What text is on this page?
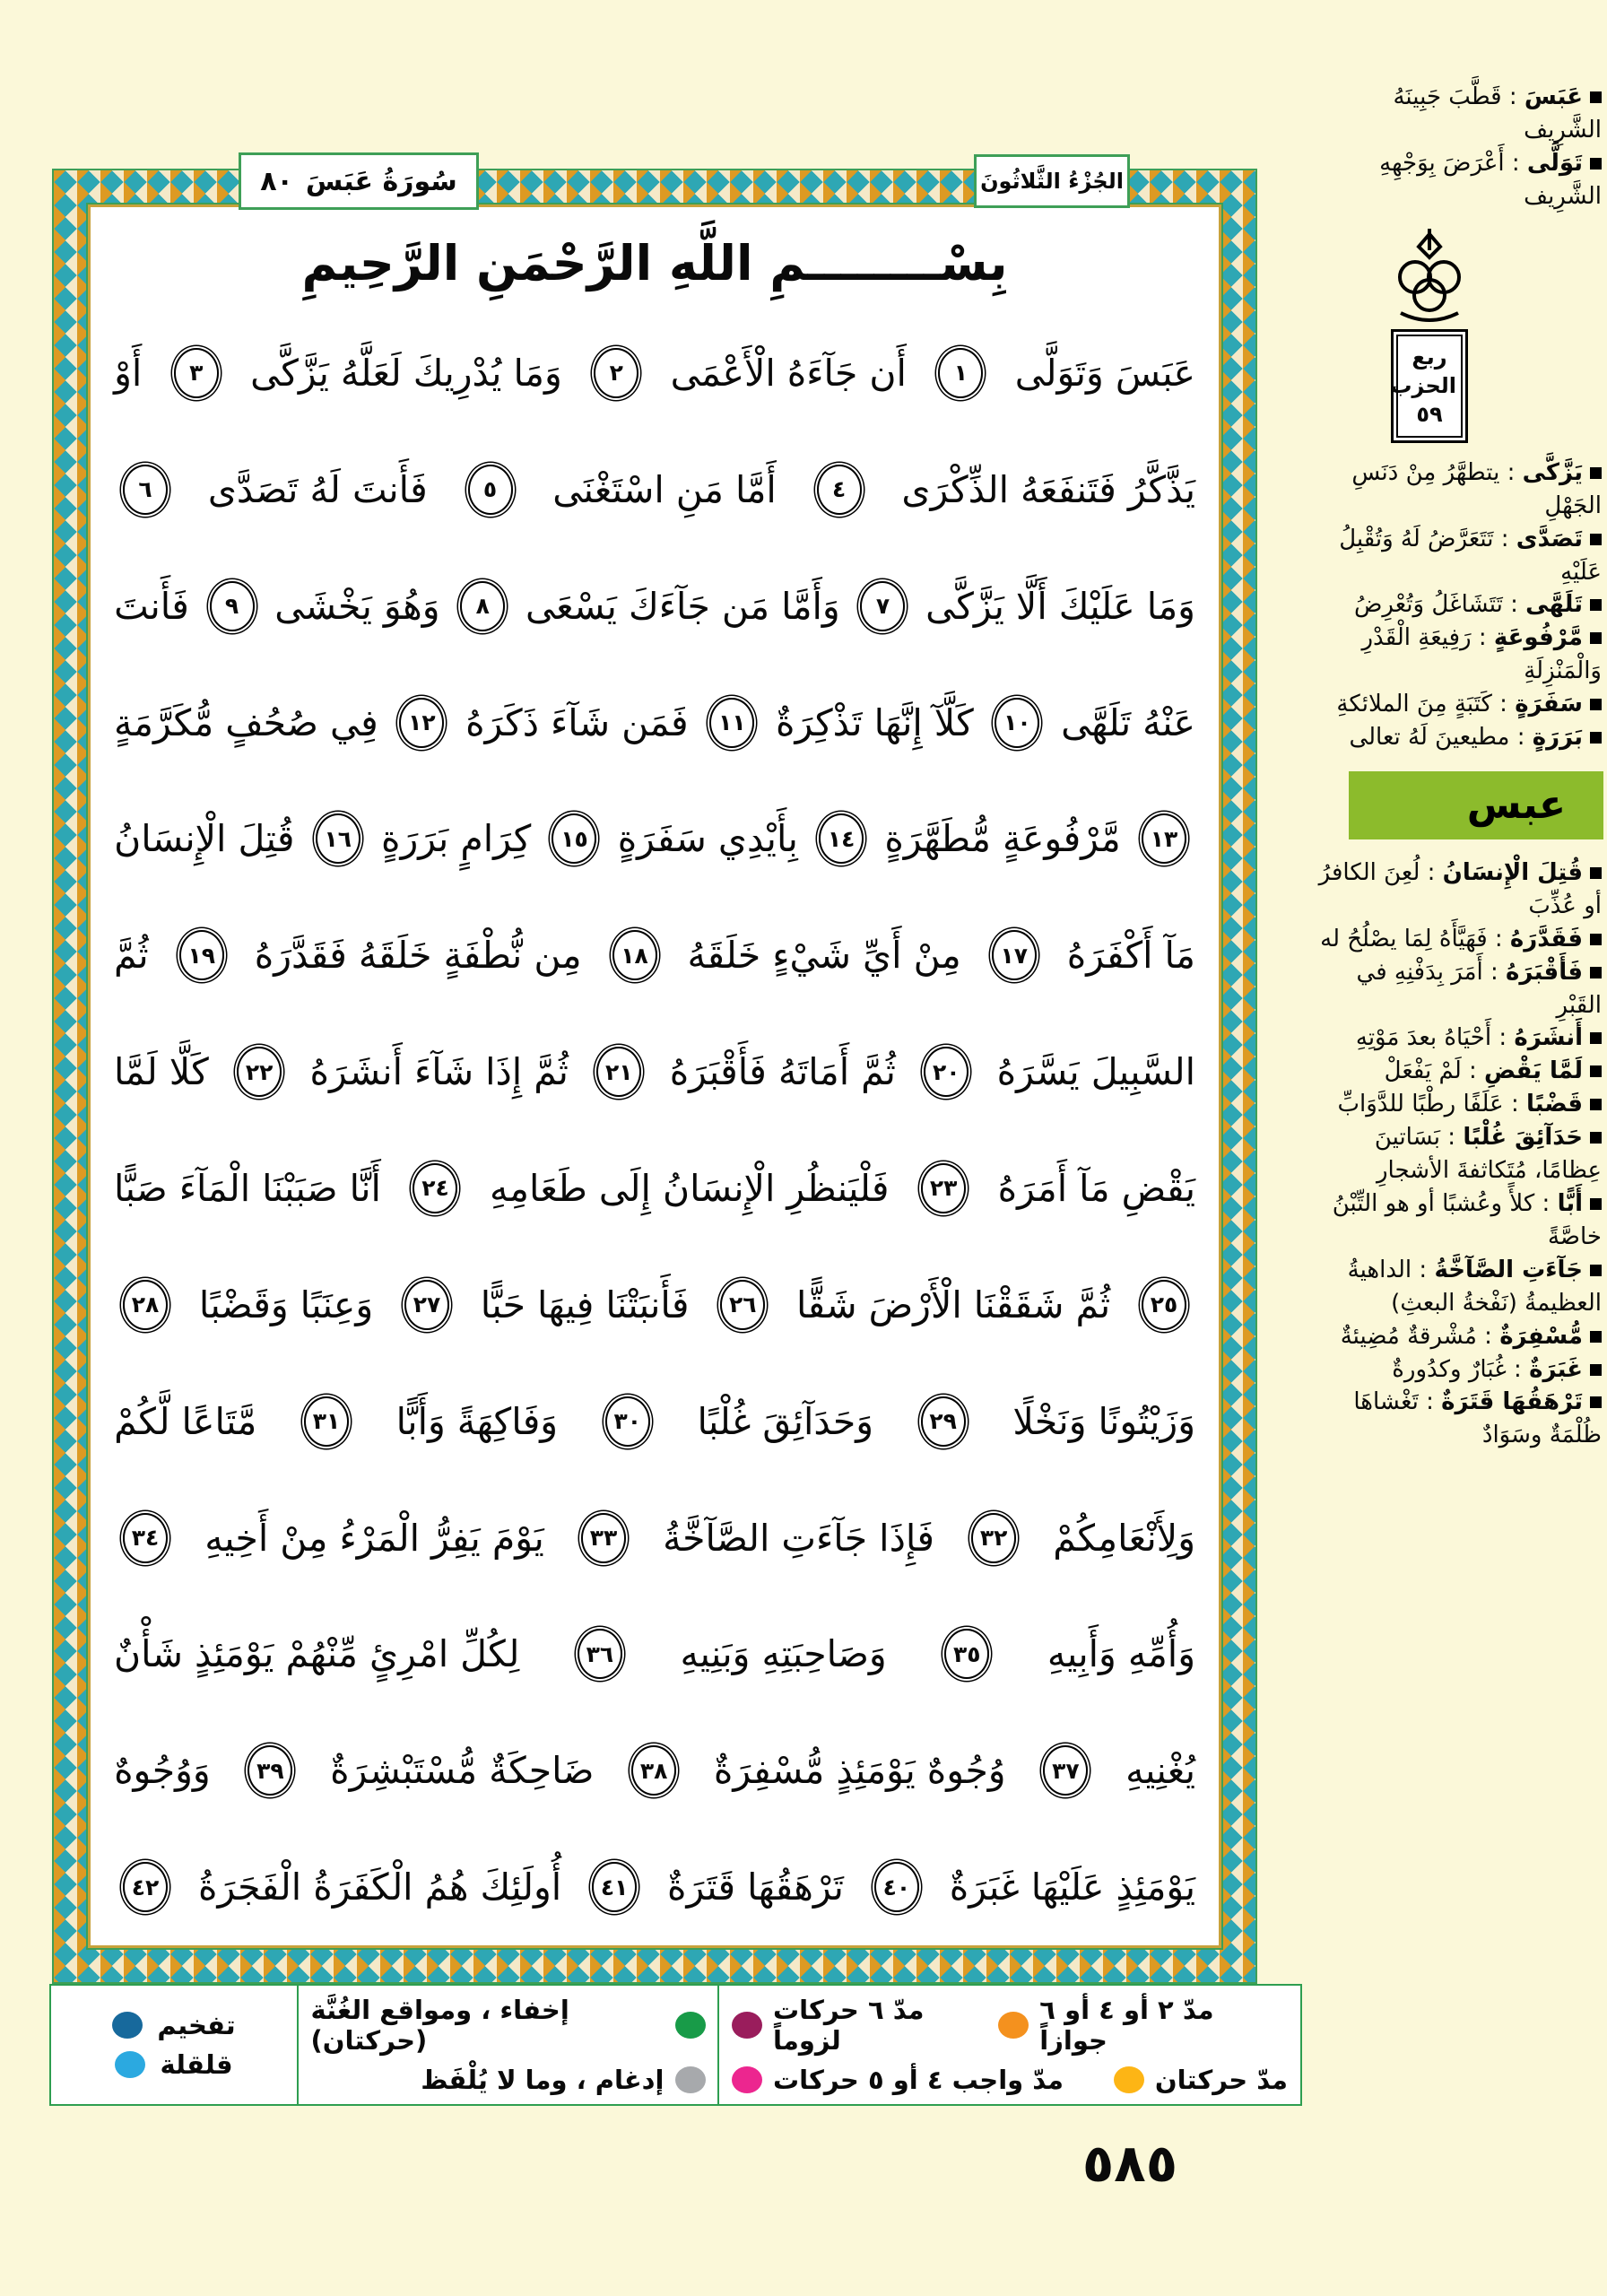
سُورَةُ عَبَسَ
٨٠	الجُزْءُ الثَّلاثُونَ
بِسْــــــــمِ اللَّهِ الرَّحْمَنِ الرَّحِيمِ
عَبَسَ وَتَوَلَّى
١
أَن جَآءَهُ الْأَعْمَى
٢
وَمَا يُدْرِيكَ لَعَلَّهُ يَزَّكَّى
٣
أَوْ
يَذَّكَّرُ فَتَنفَعَهُ الذِّكْرَى
٤
أَمَّا مَنِ اسْتَغْنَى
٥
فَأَنتَ لَهُ تَصَدَّى
٦
وَمَا عَلَيْكَ أَلَّا يَزَّكَّى
٧
وَأَمَّا مَن جَآءَكَ يَسْعَى
٨
وَهُوَ يَخْشَى
٩
فَأَنتَ
عَنْهُ تَلَهَّى
١٠
كَلَّآ إِنَّهَا تَذْكِرَةٌ
١١
فَمَن شَآءَ ذَكَرَهُ
١٢
فِي صُحُفٍ مُّكَرَّمَةٍ
١٣
مَّرْفُوعَةٍ مُّطَهَّرَةٍ
١٤
بِأَيْدِي سَفَرَةٍ
١٥
كِرَامٍ بَرَرَةٍ
١٦
قُتِلَ الْإِنسَانُ
مَآ أَكْفَرَهُ
١٧
مِنْ أَيِّ شَيْءٍ خَلَقَهُ
١٨
مِن نُّطْفَةٍ خَلَقَهُ فَقَدَّرَهُ
١٩
ثُمَّ
السَّبِيلَ يَسَّرَهُ
٢٠
ثُمَّ أَمَاتَهُ فَأَقْبَرَهُ
٢١
ثُمَّ إِذَا شَآءَ أَنشَرَهُ
٢٢
كَلَّا لَمَّا
يَقْضِ مَآ أَمَرَهُ
٢٣
فَلْيَنظُرِ الْإِنسَانُ إِلَى طَعَامِهِ
٢٤
أَنَّا صَبَبْنَا الْمَآءَ صَبًّا
٢٥
ثُمَّ شَقَقْنَا الْأَرْضَ شَقًّا
٢٦
فَأَنبَتْنَا فِيهَا حَبًّا
٢٧
وَعِنَبًا وَقَضْبًا
٢٨
وَزَيْتُونًا وَنَخْلًا
٢٩
وَحَدَآئِقَ غُلْبًا
٣٠
وَفَاكِهَةً وَأَبًّا
٣١
مَّتَاعًا لَّكُمْ
وَلِأَنْعَامِكُمْ
٣٢
فَإِذَا جَآءَتِ الصَّآخَّةُ
٣٣
يَوْمَ يَفِرُّ الْمَرْءُ مِنْ أَخِيهِ
٣٤
وَأُمِّهِ وَأَبِيهِ
٣٥
وَصَاحِبَتِهِ وَبَنِيهِ
٣٦
لِكُلِّ امْرِئٍ مِّنْهُمْ يَوْمَئِذٍ شَأْنٌ
يُغْنِيهِ
٣٧
وُجُوهٌ يَوْمَئِذٍ مُّسْفِرَةٌ
٣٨
ضَاحِكَةٌ مُّسْتَبْشِرَةٌ
٣٩
وَوُجُوهٌ
يَوْمَئِذٍ عَلَيْهَا غَبَرَةٌ
٤٠
تَرْهَقُهَا قَتَرَةٌ
٤١
أُولَئِكَ هُمُ الْكَفَرَةُ الْفَجَرَةُ
٤٢
عَبَسَ : قَطَّبَ جَبِينَهُ الشَّرِيف
تَوَلَّى : أَعْرَضَ بِوَجْهِهِ الشَّرِيف
ربع
الحزب
٥٩
يَزَّكَّى : يتطهَّرُ مِنْ دَنَسِ الجَهْلِ
تَصَدَّى : تَتَعَرَّضُ لَهُ وَتُقْبِلُ عَلَيْهِ
تَلَهَّى : تَتَشَاغَلُ وَتُعْرِضُ
مَّرْفُوعَةٍ : رَفِيعَةِ الْقَدْرِ وَالْمَنْزِلَةِ
سَفَرَةٍ : كَتَبَةٍ مِنَ الملائكةِ
بَرَرَةٍ : مطيعينَ لَهُ تعالى
عبس
قُتِلَ الْإِنسَانُ : لُعِنَ الكافرُ أو عُذِّبَ
فَقَدَّرَهُ : فَهَيَّأَهُ لِمَا يصْلُحُ له
فَأَقْبَرَهُ : أَمَرَ بِدَفْنِهِ في القَبْرِ
أَنشَرَهُ : أَحْيَاهُ بعدَ مَوْتِهِ
لَمَّا يَقْضِ : لَمْ يَفْعَلْ
قَضْبًا : عَلَفًا رطْبًا للدَّوَابِّ
حَدَآئِقَ غُلْبًا : بَسَاتينَ عِظامًا، مُتَكاثفةَ الأشجارِ
أَبًّا : كلأً وعُشبًا أو هو التِّبْنُ خاصَّةً
جَآءَتِ الصَّآخَّةُ : الداهيةُ العظيمةُ (نَفْخةُ البعثِ)
مُّسْفِرَةٌ : مُشْرقةٌ مُضِيئةٌ
غَبَرَةٌ : غُبَارٌ وكدُورةٌ
تَرْهَقُهَا قَتَرَةٌ : تَغْشاهَا ظُلْمَةٌ وسَوَادٌ
تفخيم
قلقلة
إخفاء ، ومواقع الغُنَّة (حركتان)
إدغام ، وما لا يُلْفَظ
مدّ ٦ حركات لزوماً
مدّ ٢ أو ٤ أو ٦ جوازاً
مدّ واجب ٤ أو ٥ حركات	مدّ حركتان
٥٨٥
